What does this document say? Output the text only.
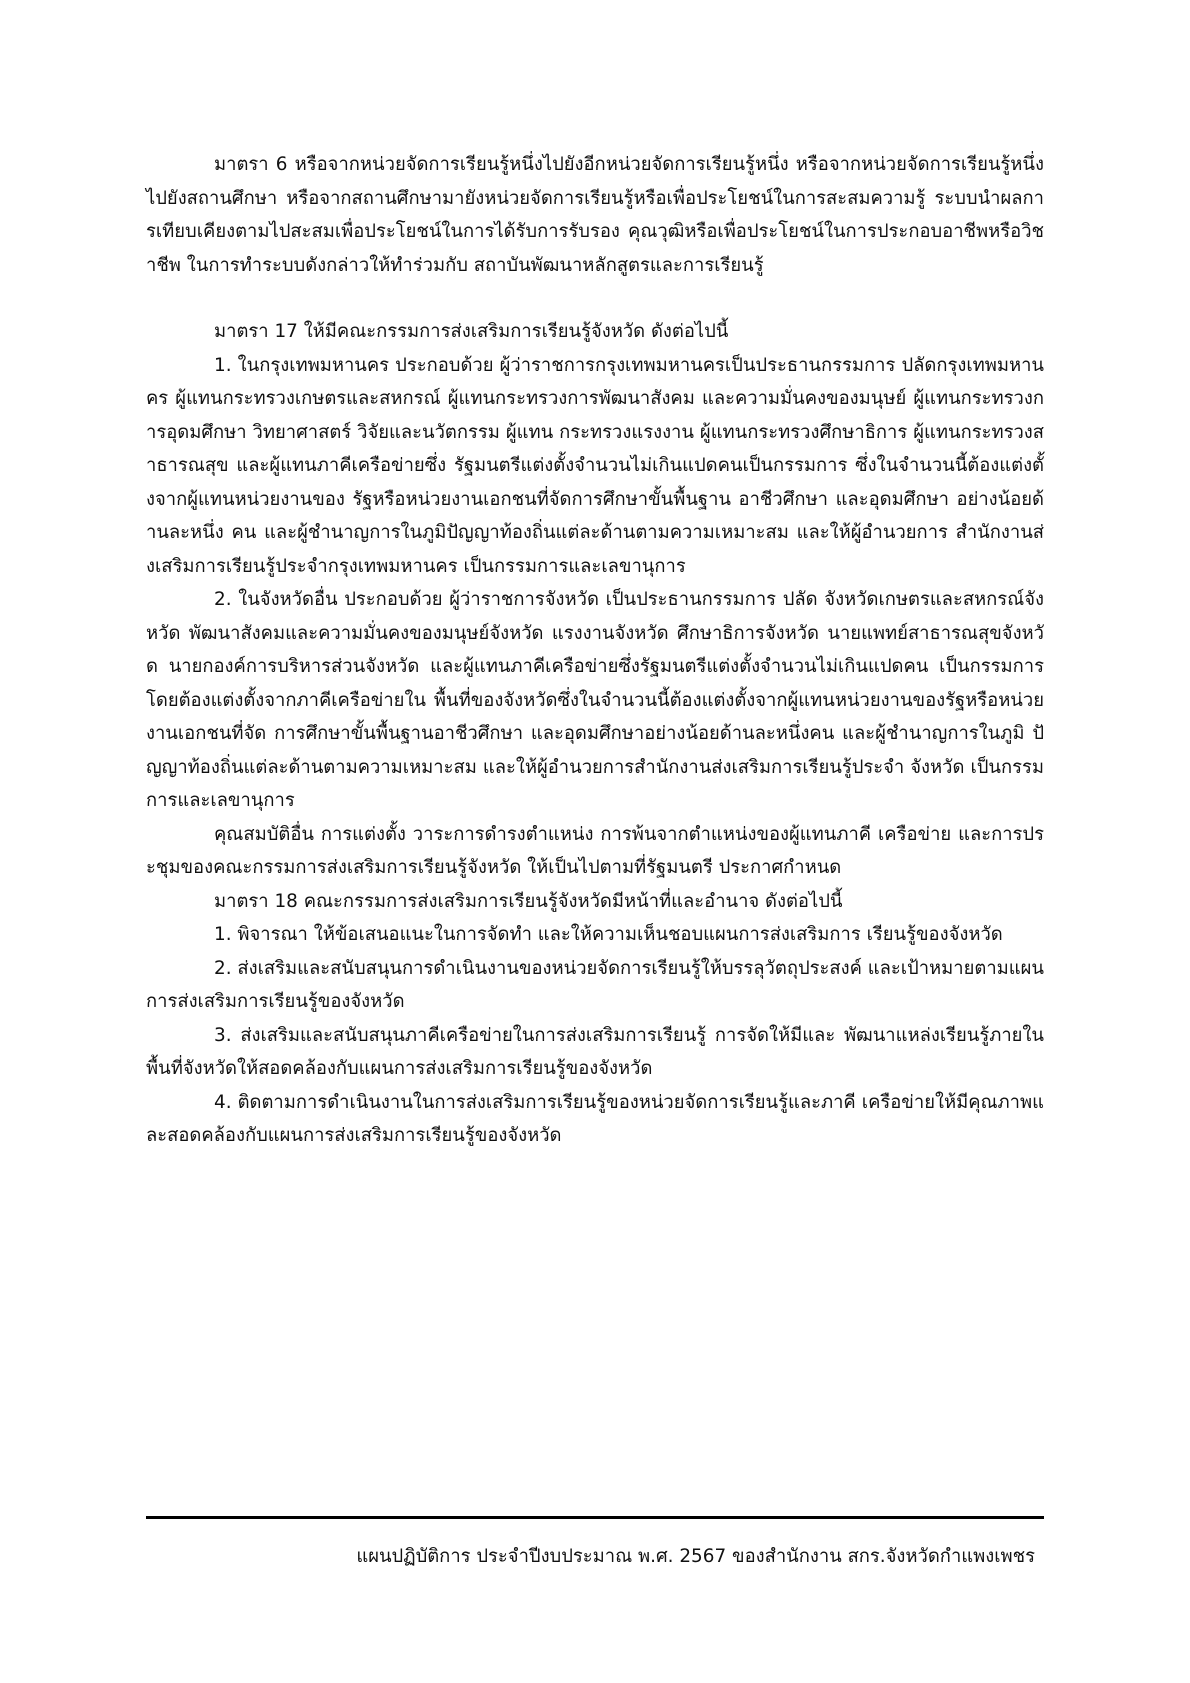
มาตรา 6 หรือจากหน่วยจัดการเรียนรู้หนึ่งไปยังอีกหน่วยจัดการเรียนรู้หนึ่ง หรือจากหน่วยจัดการเรียนรู้หนึ่งไปยังสถานศึกษา หรือจากสถานศึกษามายังหน่วยจัดการเรียนรู้หรือเพื่อประโยชน์ในการสะสมความรู้ ระบบนำผลการเทียบเคียงตามไปสะสมเพื่อประโยชน์ในการได้รับการรับรอง คุณวุฒิหรือเพื่อประโยชน์ในการประกอบอาชีพหรือวิชาชีพ ในการทำระบบดังกล่าวให้ทำร่วมกับ สถาบันพัฒนาหลักสูตรและการเรียนรู้

มาตรา 17 ให้มีคณะกรรมการส่งเสริมการเรียนรู้จังหวัด ดังต่อไปนี้

1. ในกรุงเทพมหานคร ประกอบด้วย ผู้ว่าราชการกรุงเทพมหานครเป็นประธานกรรมการ ปลัดกรุงเทพมหานคร ผู้แทนกระทรวงเกษตรและสหกรณ์ ผู้แทนกระทรวงการพัฒนาสังคม และความมั่นคงของมนุษย์ ผู้แทนกระทรวงการอุดมศึกษา วิทยาศาสตร์ วิจัยและนวัตกรรม ผู้แทน กระทรวงแรงงาน ผู้แทนกระทรวงศึกษาธิการ ผู้แทนกระทรวงสาธารณสุข และผู้แทนภาคีเครือข่ายซึ่ง รัฐมนตรีแต่งตั้งจำนวนไม่เกินแปดคนเป็นกรรมการ ซึ่งในจำนวนนี้ต้องแต่งตั้งจากผู้แทนหน่วยงานของ รัฐหรือหน่วยงานเอกชนที่จัดการศึกษาขั้นพื้นฐาน อาชีวศึกษา และอุดมศึกษา อย่างน้อยด้านละหนึ่ง คน และผู้ชำนาญการในภูมิปัญญาท้องถิ่นแต่ละด้านตามความเหมาะสม และให้ผู้อำนวยการ สำนักงานส่งเสริมการเรียนรู้ประจำกรุงเทพมหานคร เป็นกรรมการและเลขานุการ

2. ในจังหวัดอื่น ประกอบด้วย ผู้ว่าราชการจังหวัด เป็นประธานกรรมการ ปลัด จังหวัดเกษตรและสหกรณ์จังหวัด พัฒนาสังคมและความมั่นคงของมนุษย์จังหวัด แรงงานจังหวัด ศึกษาธิการจังหวัด นายแพทย์สาธารณสุขจังหวัด นายกองค์การบริหารส่วนจังหวัด และผู้แทนภาคีเครือข่ายซึ่งรัฐมนตรีแต่งตั้งจำนวนไม่เกินแปดคน เป็นกรรมการ โดยต้องแต่งตั้งจากภาคีเครือข่ายใน พื้นที่ของจังหวัดซึ่งในจำนวนนี้ต้องแต่งตั้งจากผู้แทนหน่วยงานของรัฐหรือหน่วยงานเอกชนที่จัด การศึกษาขั้นพื้นฐานอาชีวศึกษา และอุดมศึกษาอย่างน้อยด้านละหนึ่งคน และผู้ชำนาญการในภูมิ ปัญญาท้องถิ่นแต่ละด้านตามความเหมาะสม และให้ผู้อำนวยการสำนักงานส่งเสริมการเรียนรู้ประจำ จังหวัด เป็นกรรมการและเลขานุการ

คุณสมบัติอื่น การแต่งตั้ง วาระการดำรงตำแหน่ง การพ้นจากตำแหน่งของผู้แทนภาคี เครือข่าย และการประชุมของคณะกรรมการส่งเสริมการเรียนรู้จังหวัด ให้เป็นไปตามที่รัฐมนตรี ประกาศกำหนด

มาตรา 18 คณะกรรมการส่งเสริมการเรียนรู้จังหวัดมีหน้าที่และอำนาจ ดังต่อไปนี้

1. พิจารณา ให้ข้อเสนอแนะในการจัดทำ และให้ความเห็นชอบแผนการส่งเสริมการ เรียนรู้ของจังหวัด

2. ส่งเสริมและสนับสนุนการดำเนินงานของหน่วยจัดการเรียนรู้ให้บรรลุวัตถุประสงค์ และเป้าหมายตามแผนการส่งเสริมการเรียนรู้ของจังหวัด

3. ส่งเสริมและสนับสนุนภาคีเครือข่ายในการส่งเสริมการเรียนรู้ การจัดให้มีและ พัฒนาแหล่งเรียนรู้ภายในพื้นที่จังหวัดให้สอดคล้องกับแผนการส่งเสริมการเรียนรู้ของจังหวัด

4. ติดตามการดำเนินงานในการส่งเสริมการเรียนรู้ของหน่วยจัดการเรียนรู้และภาคี เครือข่ายให้มีคุณภาพและสอดคล้องกับแผนการส่งเสริมการเรียนรู้ของจังหวัด

แผนปฏิบัติการ ประจำปีงบประมาณ พ.ศ. 2567 ของสำนักงาน สกร.จังหวัดกำแพงเพชร
